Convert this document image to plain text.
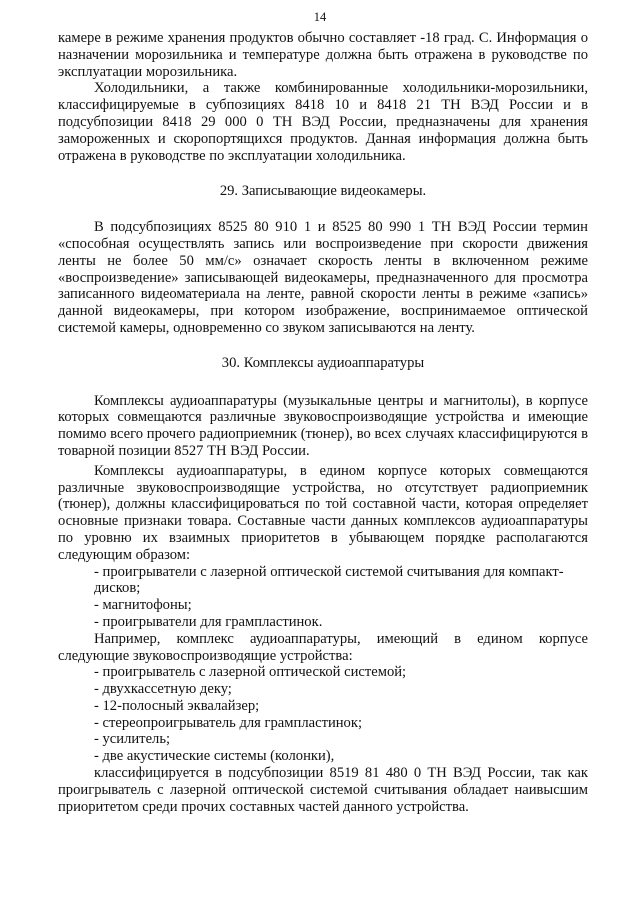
14

камере в режиме хранения продуктов обычно составляет -18 град. С. Информация о назначении морозильника и температуре должна быть отражена в руководстве по эксплуатации морозильника.

Холодильники, а также комбинированные холодильники-морозильники, классифицируемые в субпозициях 8418 10 и 8418 21 ТН ВЭД России и в подсубпозиции 8418 29 000 0 ТН ВЭД России, предназначены для хранения замороженных и скоропортящихся продуктов. Данная информация должна быть отражена в руководстве по эксплуатации холодильника.

29. Записывающие видеокамеры.

В подсубпозициях 8525 80 910 1 и 8525 80 990 1 ТН ВЭД России термин «способная осуществлять запись или воспроизведение при скорости движения ленты не более 50 мм/с» означает скорость ленты в включенном режиме «воспроизведение» записывающей видеокамеры, предназначенного для просмотра записанного видеоматериала на ленте, равной скорости ленты в режиме «запись» данной видеокамеры, при котором изображение, воспринимаемое оптической системой камеры, одновременно со звуком записываются на ленту.

30. Комплексы аудиоаппаратуры

Комплексы аудиоаппаратуры (музыкальные центры и магнитолы), в корпусе которых совмещаются различные звуковоспроизводящие устройства и имеющие помимо всего прочего радиоприемник (тюнер), во всех случаях классифицируются в товарной позиции 8527 ТН ВЭД России.

Комплексы аудиоаппаратуры, в едином корпусе которых совмещаются различные звуковоспроизводящие устройства, но отсутствует радиоприемник (тюнер), должны классифицироваться по той составной части, которая определяет основные признаки товара. Составные части данных комплексов аудиоаппаратуры по уровню их взаимных приоритетов в убывающем порядке располагаются следующим образом:

- проигрыватели с лазерной оптической системой считывания для компакт-дисков;

- магнитофоны;

- проигрыватели для грампластинок.

Например, комплекс аудиоаппаратуры, имеющий в едином корпусе следующие звуковоспроизводящие устройства:

- проигрыватель с лазерной оптической системой;

- двухкассетную деку;

- 12-полосный эквалайзер;

- стереопроигрыватель для грампластинок;

- усилитель;

- две акустические системы (колонки),

классифицируется в подсубпозиции 8519 81 480 0 ТН ВЭД России, так как проигрыватель с лазерной оптической системой считывания обладает наивысшим приоритетом среди прочих составных частей данного устройства.
